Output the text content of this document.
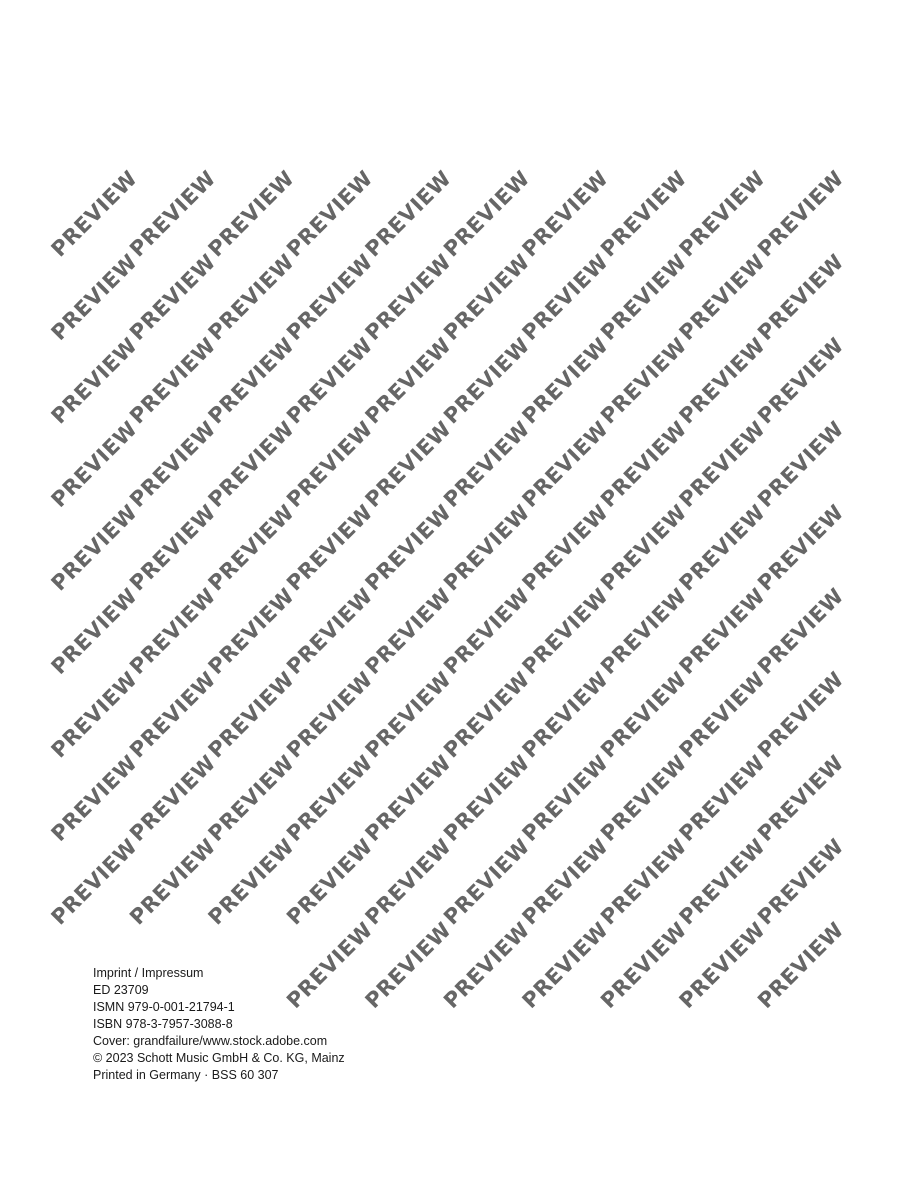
PREVIEW
PREVIEW
PREVIEW
PREVIEW
PREVIEW
PREVIEW
PREVIEW
PREVIEW
PREVIEW
PREVIEW
PREVIEW
PREVIEW
PREVIEW
PREVIEW
PREVIEW
PREVIEW
PREVIEW
PREVIEW
PREVIEW
PREVIEW
PREVIEW
PREVIEW
PREVIEW
PREVIEW
PREVIEW
PREVIEW
PREVIEW
PREVIEW
PREVIEW
PREVIEW
PREVIEW
PREVIEW
PREVIEW
PREVIEW
PREVIEW
PREVIEW
PREVIEW
PREVIEW
PREVIEW
PREVIEW
PREVIEW
PREVIEW
PREVIEW
PREVIEW
PREVIEW
PREVIEW
PREVIEW
PREVIEW
PREVIEW
PREVIEW
PREVIEW
PREVIEW
PREVIEW
PREVIEW
PREVIEW
PREVIEW
PREVIEW
PREVIEW
PREVIEW
PREVIEW
PREVIEW
PREVIEW
PREVIEW
PREVIEW
PREVIEW
PREVIEW
PREVIEW
PREVIEW
PREVIEW
PREVIEW
PREVIEW
PREVIEW
PREVIEW
PREVIEW
PREVIEW
PREVIEW
PREVIEW
PREVIEW
PREVIEW
PREVIEW
PREVIEW
PREVIEW
PREVIEW
PREVIEW
PREVIEW
PREVIEW
PREVIEW
PREVIEW
PREVIEW
PREVIEW
PREVIEW
PREVIEW
PREVIEW
PREVIEW
PREVIEW
PREVIEW
PREVIEW
Imprint / Impressum
ED 23709
ISMN 979-0-001-21794-1
ISBN 978-3-7957-3088-8
Cover: grandfailure/www.stock.adobe.com
© 2023 Schott Music GmbH & Co. KG, Mainz
Printed in Germany · BSS 60 307
